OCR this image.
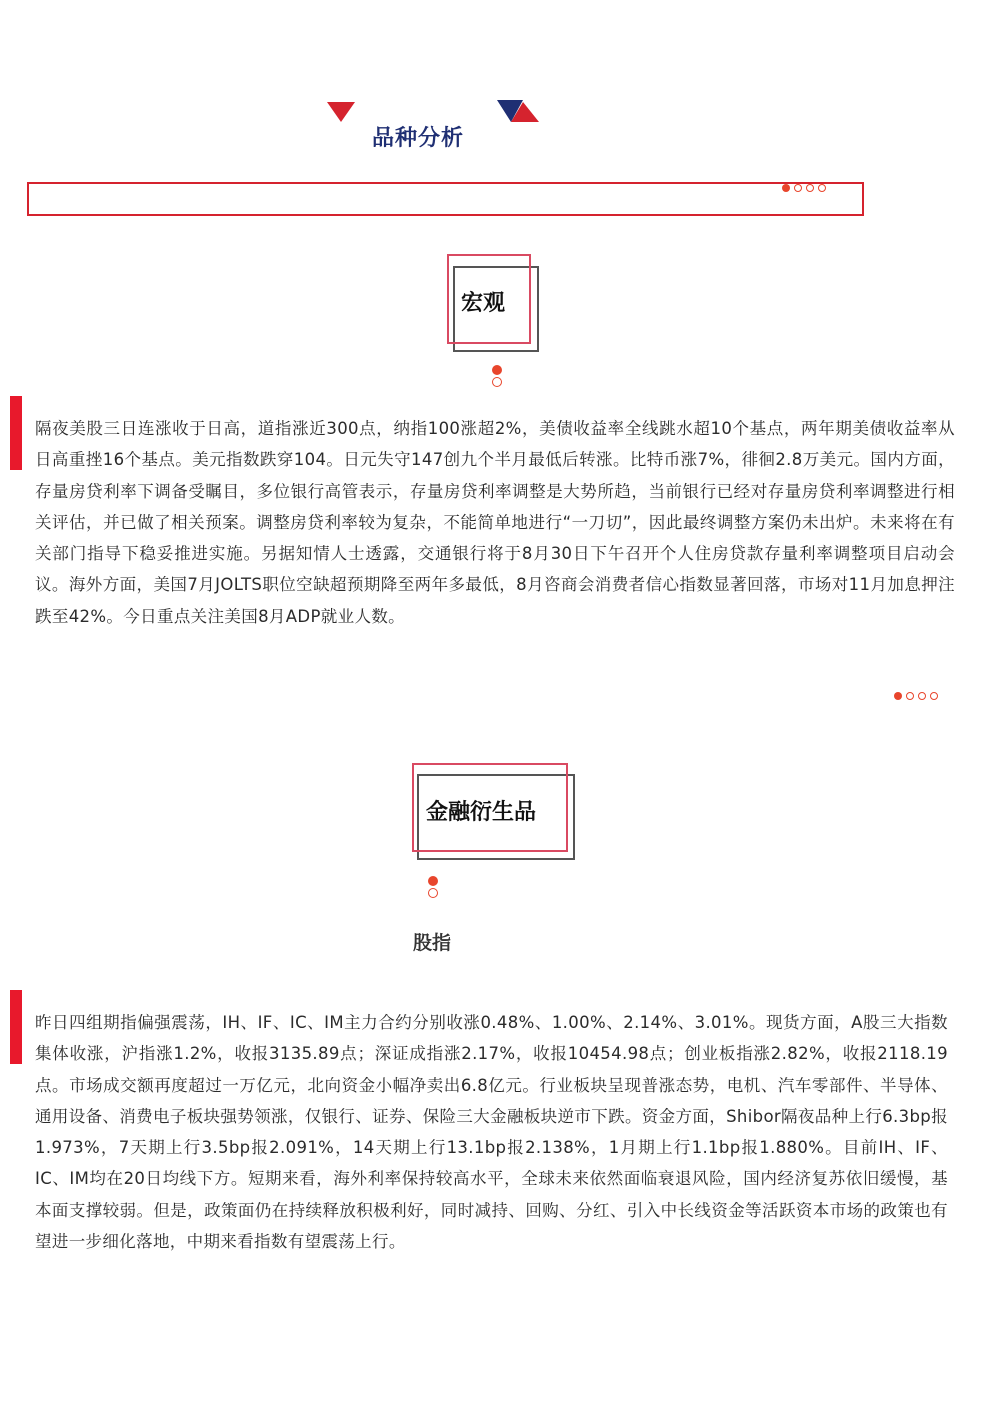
品种分析
宏观
隔夜美股三日连涨收于日高，道指涨近300点，纳指100涨超2%，美债收益率全线跳水超10个基点，两年期美债收益率从日高重挫16个基点。美元指数跌穿104。日元失守147创九个半月最低后转涨。比特币涨7%，徘徊2.8万美元。国内方面，存量房贷利率下调备受瞩目，多位银行高管表示，存量房贷利率调整是大势所趋，当前银行已经对存量房贷利率调整进行相关评估，并已做了相关预案。调整房贷利率较为复杂，不能简单地进行“一刀切”，因此最终调整方案仍未出炉。未来将在有关部门指导下稳妥推进实施。另据知情人士透露，交通银行将于8月30日下午召开个人住房贷款存量利率调整项目启动会议。海外方面，美国7月JOLTS职位空缺超预期降至两年多最低，8月咨商会消费者信心指数显著回落，市场对11月加息押注跌至42%。今日重点关注美国8月ADP就业人数。
金融衍生品
股指
昨日四组期指偏强震荡，IH、IF、IC、IM主力合约分别收涨0.48%、1.00%、2.14%、3.01%。现货方面，A股三大指数集体收涨，沪指涨1.2%，收报3135.89点；深证成指涨2.17%，收报10454.98点；创业板指涨2.82%，收报2118.19点。市场成交额再度超过一万亿元，北向资金小幅净卖出6.8亿元。行业板块呈现普涨态势，电机、汽车零部件、半导体、通用设备、消费电子板块强势领涨，仅银行、证券、保险三大金融板块逆市下跌。资金方面，Shibor隔夜品种上行6.3bp报1.973%，7天期上行3.5bp报2.091%，14天期上行13.1bp报2.138%，1月期上行1.1bp报1.880%。目前IH、IF、IC、IM均在20日均线下方。短期来看，海外利率保持较高水平，全球未来依然面临衰退风险，国内经济复苏依旧缓慢，基本面支撑较弱。但是，政策面仍在持续释放积极利好，同时减持、回购、分红、引入中长线资金等活跃资本市场的政策也有望进一步细化落地，中期来看指数有望震荡上行。
